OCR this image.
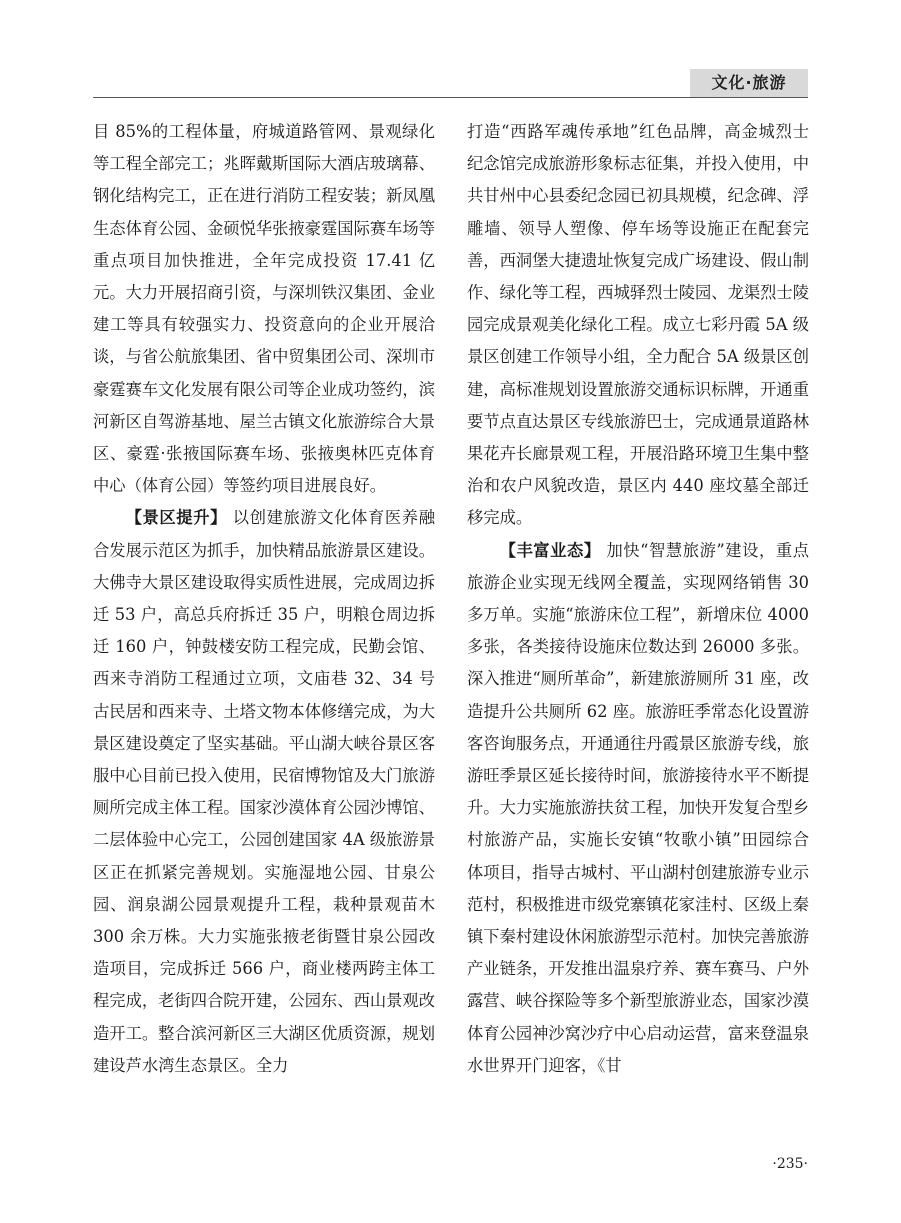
文化·旅游

目 85%的工程体量，府城道路管网、景观绿化等工程全部完工；兆晖戴斯国际大酒店玻璃幕、钢化结构完工，正在进行消防工程安装；新凤凰生态体育公园、金硕悦华张掖豪霆国际赛车场等重点项目加快推进，全年完成投资 17.41 亿元。大力开展招商引资，与深圳铁汉集团、金业建工等具有较强实力、投资意向的企业开展洽谈，与省公航旅集团、省中贸集团公司、深圳市豪霆赛车文化发展有限公司等企业成功签约，滨河新区自驾游基地、屋兰古镇文化旅游综合大景区、豪霆·张掖国际赛车场、张掖奥林匹克体育中心（体育公园）等签约项目进展良好。

【景区提升】 以创建旅游文化体育医养融合发展示范区为抓手，加快精品旅游景区建设。大佛寺大景区建设取得实质性进展，完成周边拆迁 53 户，高总兵府拆迁 35 户，明粮仓周边拆迁 160 户，钟鼓楼安防工程完成，民勤会馆、西来寺消防工程通过立项，文庙巷 32、34 号古民居和西来寺、土塔文物本体修缮完成，为大景区建设奠定了坚实基础。平山湖大峡谷景区客服中心目前已投入使用，民宿博物馆及大门旅游厕所完成主体工程。国家沙漠体育公园沙博馆、二层体验中心完工，公园创建国家 4A 级旅游景区正在抓紧完善规划。实施湿地公园、甘泉公园、润泉湖公园景观提升工程，栽种景观苗木 300 余万株。大力实施张掖老街暨甘泉公园改造项目，完成拆迁 566 户，商业楼两跨主体工程完成，老街四合院开建，公园东、西山景观改造开工。整合滨河新区三大湖区优质资源，规划建设芦水湾生态景区。全力

打造“西路军魂传承地”红色品牌，高金城烈士纪念馆完成旅游形象标志征集，并投入使用，中共甘州中心县委纪念园已初具规模，纪念碑、浮雕墙、领导人塑像、停车场等设施正在配套完善，西洞堡大捷遗址恢复完成广场建设、假山制作、绿化等工程，西城驿烈士陵园、龙渠烈士陵园完成景观美化绿化工程。成立七彩丹霞 5A 级景区创建工作领导小组，全力配合 5A 级景区创建，高标准规划设置旅游交通标识标牌，开通重要节点直达景区专线旅游巴士，完成通景道路林果花卉长廊景观工程，开展沿路环境卫生集中整治和农户风貌改造，景区内 440 座坟墓全部迁移完成。

【丰富业态】 加快“智慧旅游”建设，重点旅游企业实现无线网全覆盖，实现网络销售 30 多万单。实施“旅游床位工程”，新增床位 4000 多张，各类接待设施床位数达到 26000 多张。深入推进“厕所革命”，新建旅游厕所 31 座，改造提升公共厕所 62 座。旅游旺季常态化设置游客咨询服务点，开通通往丹霞景区旅游专线，旅游旺季景区延长接待时间，旅游接待水平不断提升。大力实施旅游扶贫工程，加快开发复合型乡村旅游产品，实施长安镇“牧歌小镇”田园综合体项目，指导古城村、平山湖村创建旅游专业示范村，积极推进市级党寨镇花家洼村、区级上秦镇下秦村建设休闲旅游型示范村。加快完善旅游产业链条，开发推出温泉疗养、赛车赛马、户外露营、峡谷探险等多个新型旅游业态，国家沙漠体育公园神沙窝沙疗中心启动运营，富来登温泉水世界开门迎客，《甘

·235·
